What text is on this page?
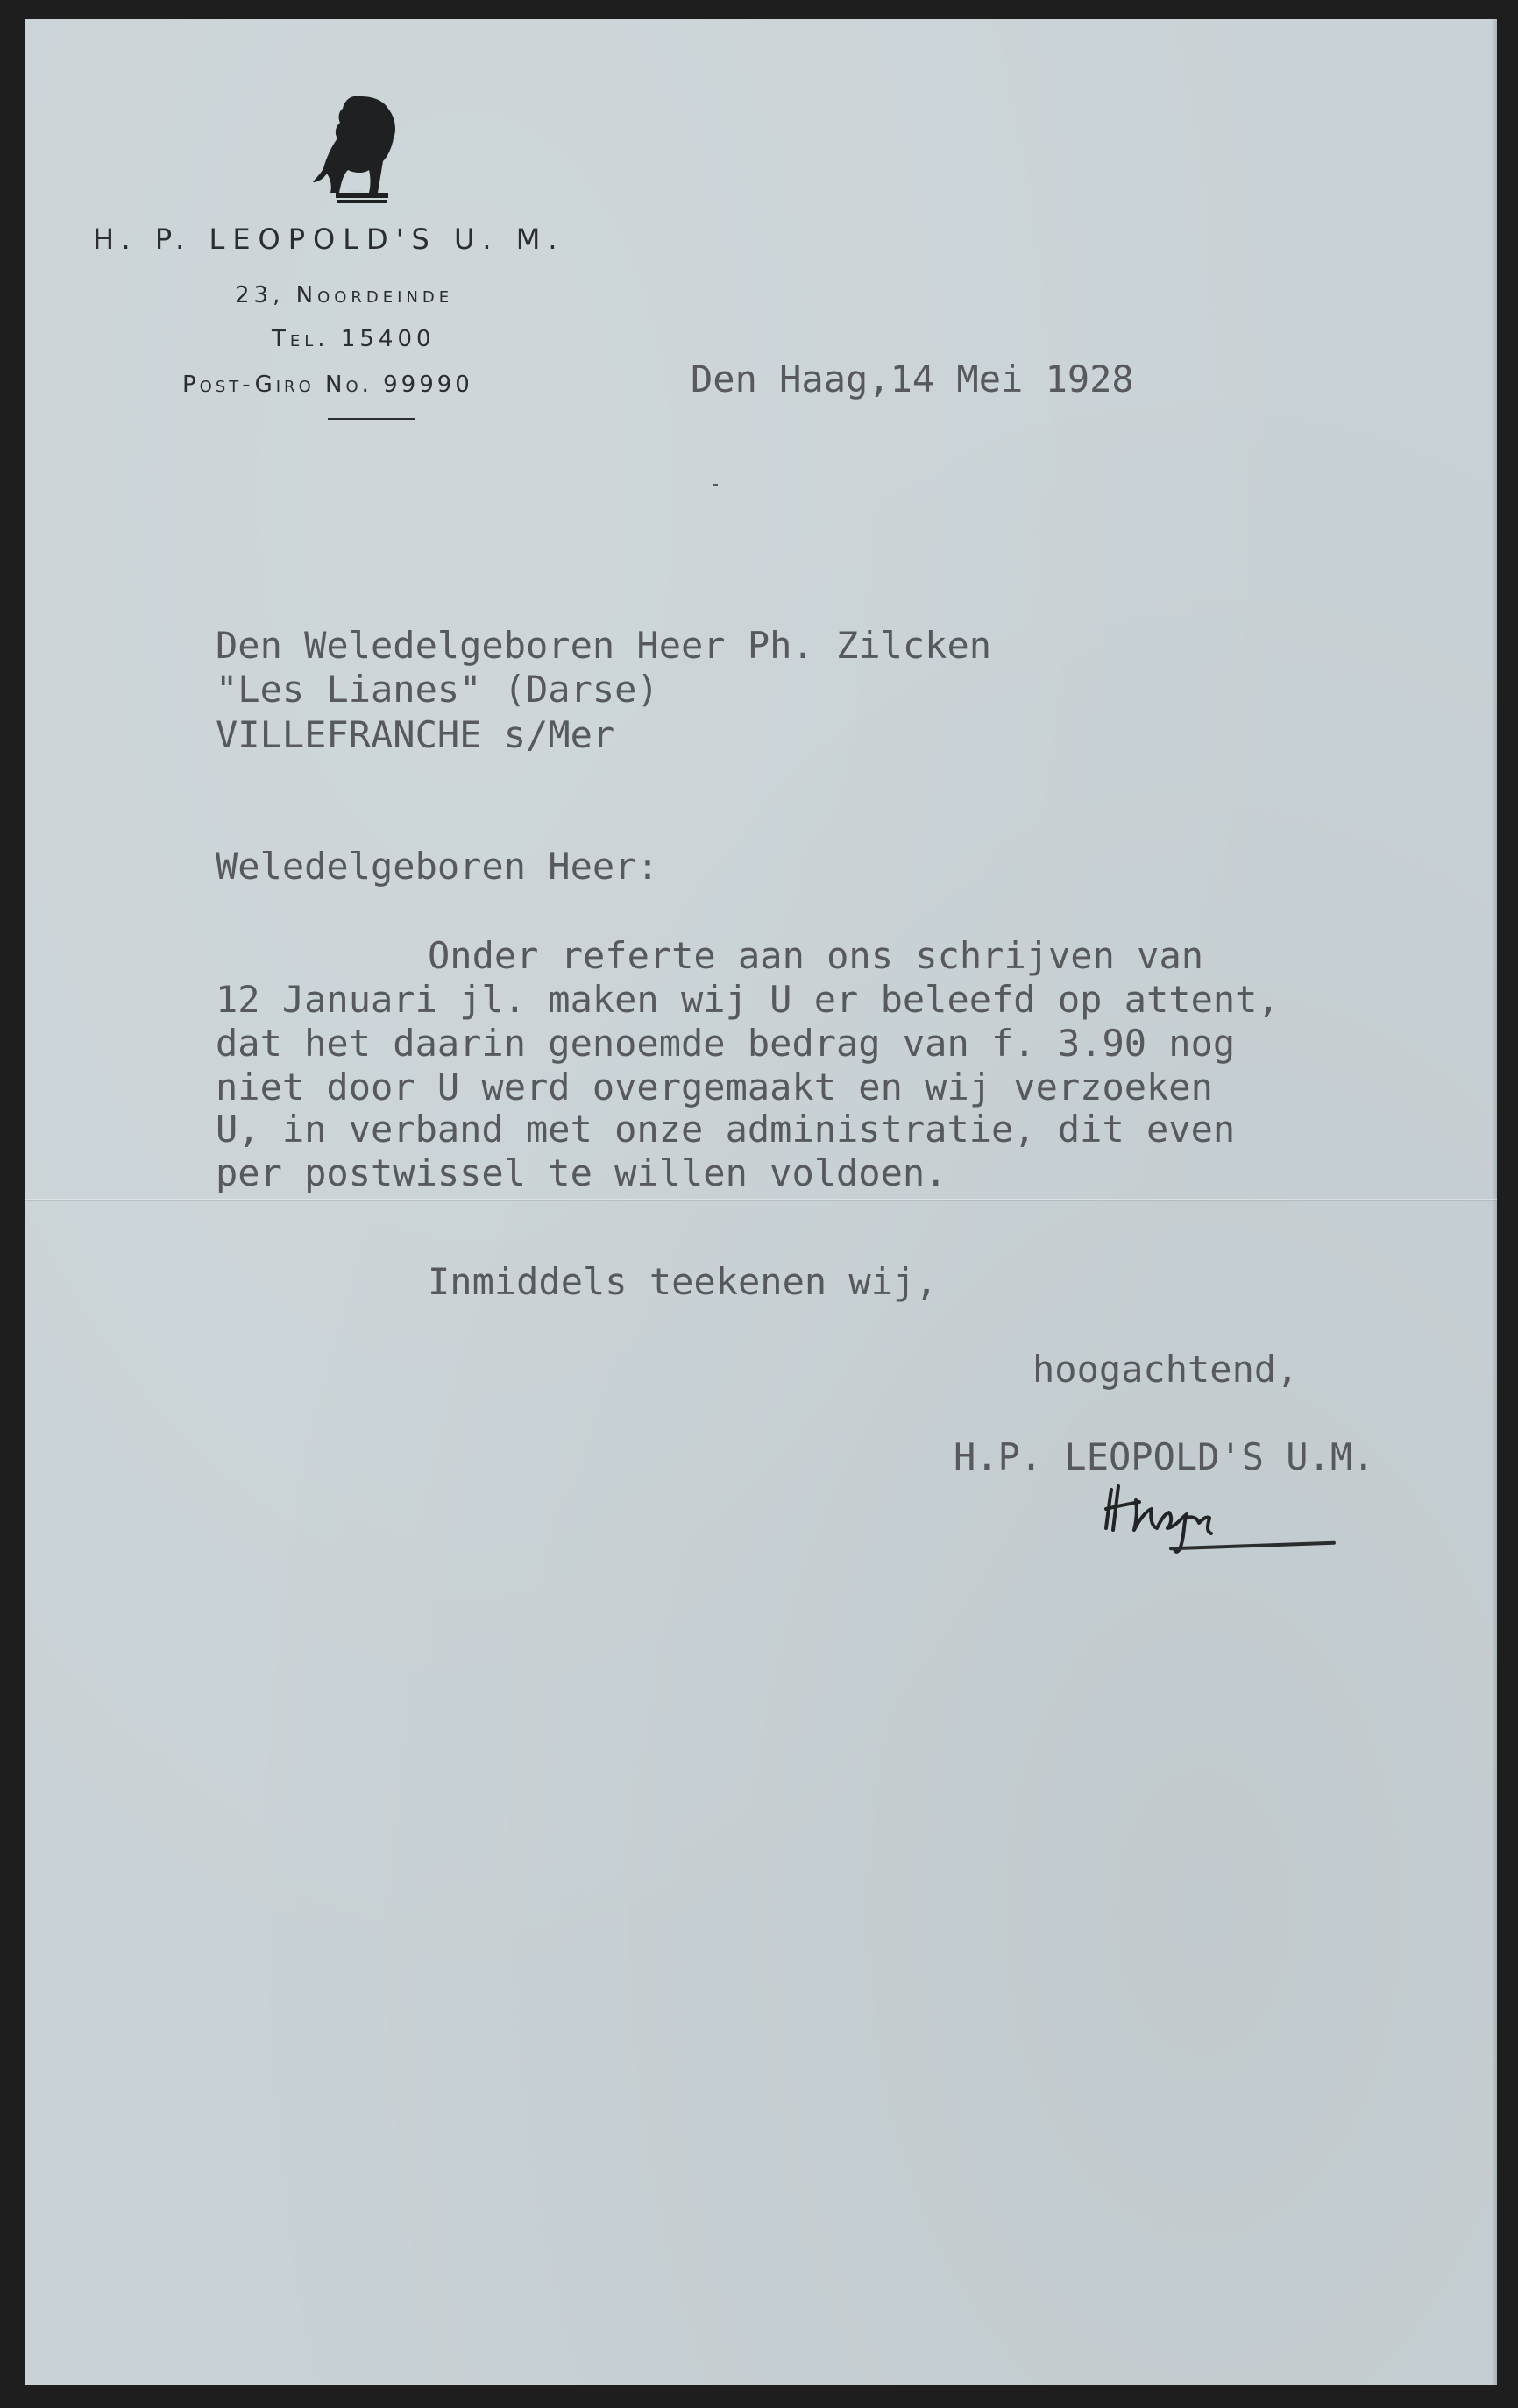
H. P. LEOPOLD'S U. M.
23, Noordeinde
Tel. 15400
Post-Giro No. 99990	Den Haag,14 Mei 1928
Den Weledelgeboren Heer Ph. Zilcken
"Les Lianes" (Darse)
VILLEFRANCHE s/Mer
Weledelgeboren Heer:
Onder referte aan ons schrijven van
12 Januari jl. maken wij U er beleefd op attent,
dat het daarin genoemde bedrag van f. 3.90 nog
niet door U werd overgemaakt en wij verzoeken
U, in verband met onze administratie, dit even
per postwissel te willen voldoen.
Inmiddels teekenen wij,
hoogachtend,
H.P. LEOPOLD'S U.M.
